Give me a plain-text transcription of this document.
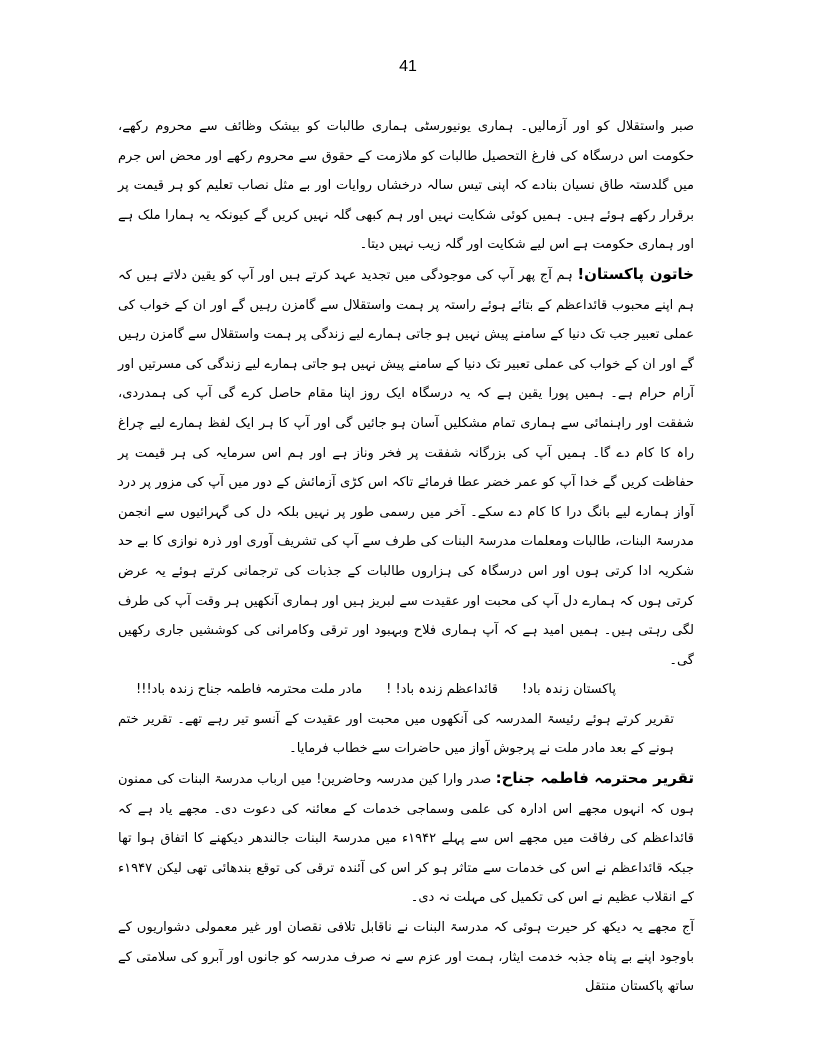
41

صبر واستقلال کو اور آزمالیں۔ ہماری یونیورسٹی ہماری طالبات کو بیشک وظائف سے محروم رکھے، حکومت اس درسگاہ کی فارغ التحصیل طالبات کو ملازمت کے حقوق سے محروم رکھے اور محض اس جرم میں گلدستہ طاق نسیان بنادے کہ اپنی تیس سالہ درخشاں روایات اور بے مثل نصاب تعلیم کو ہر قیمت پر برقرار رکھے ہوئے ہیں۔ ہمیں کوئی شکایت نہیں اور ہم کبھی گلہ نہیں کریں گے کیونکہ یہ ہمارا ملک ہے اور ہماری حکومت ہے اس لیے شکایت اور گلہ زیب نہیں دیتا۔

خاتون پاکستان! ہم آج پھر آپ کی موجودگی میں تجدید عہد کرتے ہیں اور آپ کو یقین دلاتے ہیں کہ ہم اپنے محبوب قائداعظم کے بتائے ہوئے راستہ پر ہمت واستقلال سے گامزن رہیں گے اور ان کے خواب کی عملی تعبیر جب تک دنیا کے سامنے پیش نہیں ہو جاتی ہمارے لیے زندگی پر ہمت واستقلال سے گامزن رہیں گے اور ان کے خواب کی عملی تعبیر تک دنیا کے سامنے پیش نہیں ہو جاتی ہمارے لیے زندگی کی مسرتیں اور آرام حرام ہے۔ ہمیں پورا یقین ہے کہ یہ درسگاہ ایک روز اپنا مقام حاصل کرے گی آپ کی ہمدردی، شفقت اور راہنمائی سے ہماری تمام مشکلیں آسان ہو جائیں گی اور آپ کا ہر ایک لفظ ہمارے لیے چراغ راہ کا کام دے گا۔ ہمیں آپ کی بزرگانہ شفقت پر فخر وناز ہے اور ہم اس سرمایہ کی ہر قیمت پر حفاظت کریں گے خدا آپ کو عمر خضر عطا فرمائے تاکہ اس کڑی آزمائش کے دور میں آپ کی مزور پر درد آواز ہمارے لیے بانگ درا کا کام دے سکے۔ آخر میں رسمی طور پر نہیں بلکہ دل کی گہرائیوں سے انجمن مدرسۃ البنات، طالبات ومعلمات مدرسۃ البنات کی طرف سے آپ کی تشریف آوری اور ذرہ نوازی کا بے حد شکریہ ادا کرتی ہوں اور اس درسگاہ کی ہزاروں طالبات کے جذبات کی ترجمانی کرتے ہوئے یہ عرض کرتی ہوں کہ ہمارے دل آپ کی محبت اور عقیدت سے لبریز ہیں اور ہماری آنکھیں ہر وقت آپ کی طرف لگی رہتی ہیں۔ ہمیں امید ہے کہ آپ ہماری فلاح وبہبود اور ترقی وکامرانی کی کوششیں جاری رکھیں گی۔

پاکستان زندہ باد!
قائداعظم زندہ باد! !
مادر ملت محترمہ فاطمہ جناح زندہ باد!!!

تقریر کرتے ہوئے رئیسۃ المدرسہ کی آنکھوں میں محبت اور عقیدت کے آنسو تیر رہے تھے۔ تقریر ختم ہونے کے بعد مادر ملت نے پرجوش آواز میں حاضرات سے خطاب فرمایا۔

تقریر محترمہ فاطمہ جناح: صدر وارا کین مدرسہ وحاضرین! میں ارباب مدرسۃ البنات کی ممنون ہوں کہ انہوں مجھے اس ادارہ کی علمی وسماجی خدمات کے معائنہ کی دعوت دی۔ مجھے یاد ہے کہ قائداعظم کی رفاقت میں مجھے اس سے پہلے ۱۹۴۲ء میں مدرسۃ البنات جالندھر دیکھنے کا اتفاق ہوا تھا جبکہ قائداعظم نے اس کی خدمات سے متاثر ہو کر اس کی آئندہ ترقی کی توقع بندھائی تھی لیکن ۱۹۴۷ء کے انقلاب عظیم نے اس کی تکمیل کی مہلت نہ دی۔

آج مجھے یہ دیکھ کر حیرت ہوئی کہ مدرسۃ البنات نے ناقابل تلافی نقصان اور غیر معمولی دشواریوں کے باوجود اپنے بے پناہ جذبہ خدمت ایثار، ہمت اور عزم سے نہ صرف مدرسہ کو جانوں اور آبرو کی سلامتی کے ساتھ پاکستان منتقل
